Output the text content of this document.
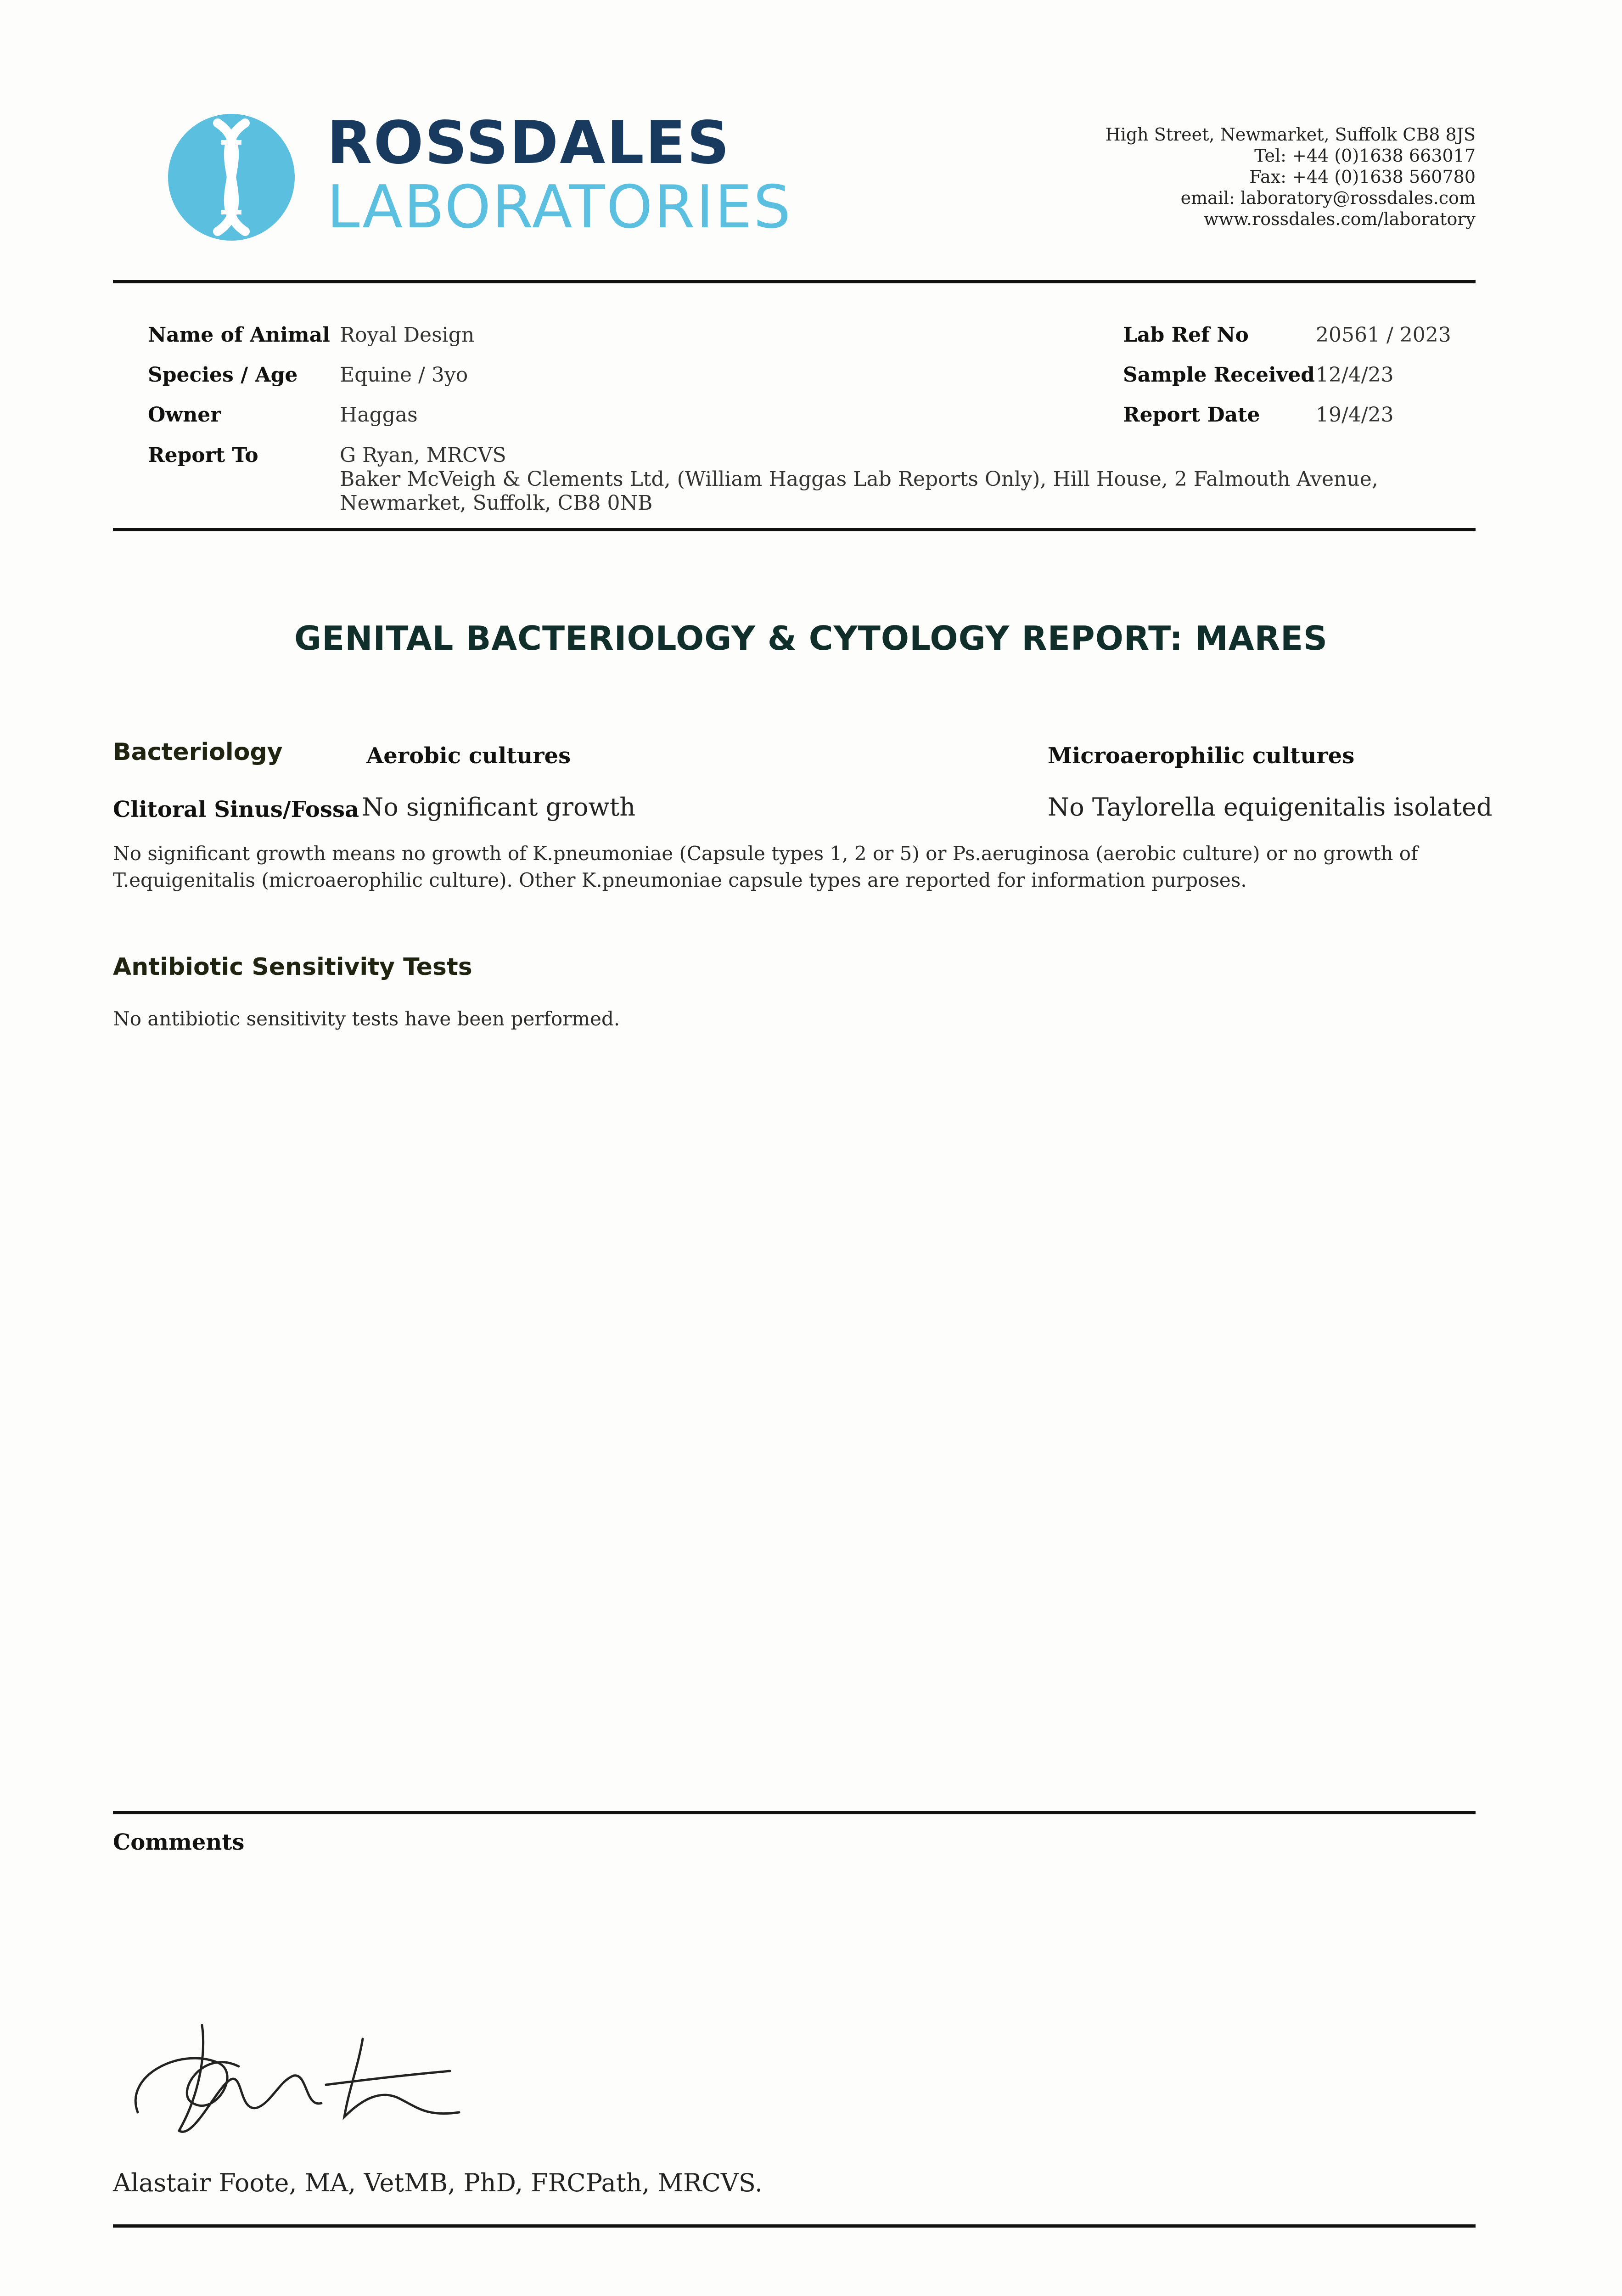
ROSSDALES
LABORATORIES
High Street, Newmarket, Suffolk CB8 8JS
Tel: +44 (0)1638 663017
Fax: +44 (0)1638 560780
email: laboratory@rossdales.com
www.rossdales.com/laboratory
Name of Animal Royal Design
Species / Age Equine / 3yo
Owner	Haggas
Report To	G Ryan, MRCVS
Baker McVeigh & Clements Ltd, (William Haggas Lab Reports Only), Hill House, 2 Falmouth Avenue, Newmarket, Suffolk, CB8 0NB
Lab Ref No	20561 / 2023
Sample Received 12/4/23
Report Date	19/4/23
GENITAL BACTERIOLOGY & CYTOLOGY REPORT: MARES
Bacteriology	Aerobic cultures	Microaerophilic cultures
Clitoral Sinus/Fossa No significant growth	No Taylorella equigenitalis isolated
No significant growth means no growth of K.pneumoniae (Capsule types 1, 2 or 5) or Ps.aeruginosa (aerobic culture) or no growth of T.equigenitalis (microaerophilic culture). Other K.pneumoniae capsule types are reported for information purposes.
Antibiotic Sensitivity Tests
No antibiotic sensitivity tests have been performed.
Comments
Alastair Foote, MA, VetMB, PhD, FRCPath, MRCVS.
